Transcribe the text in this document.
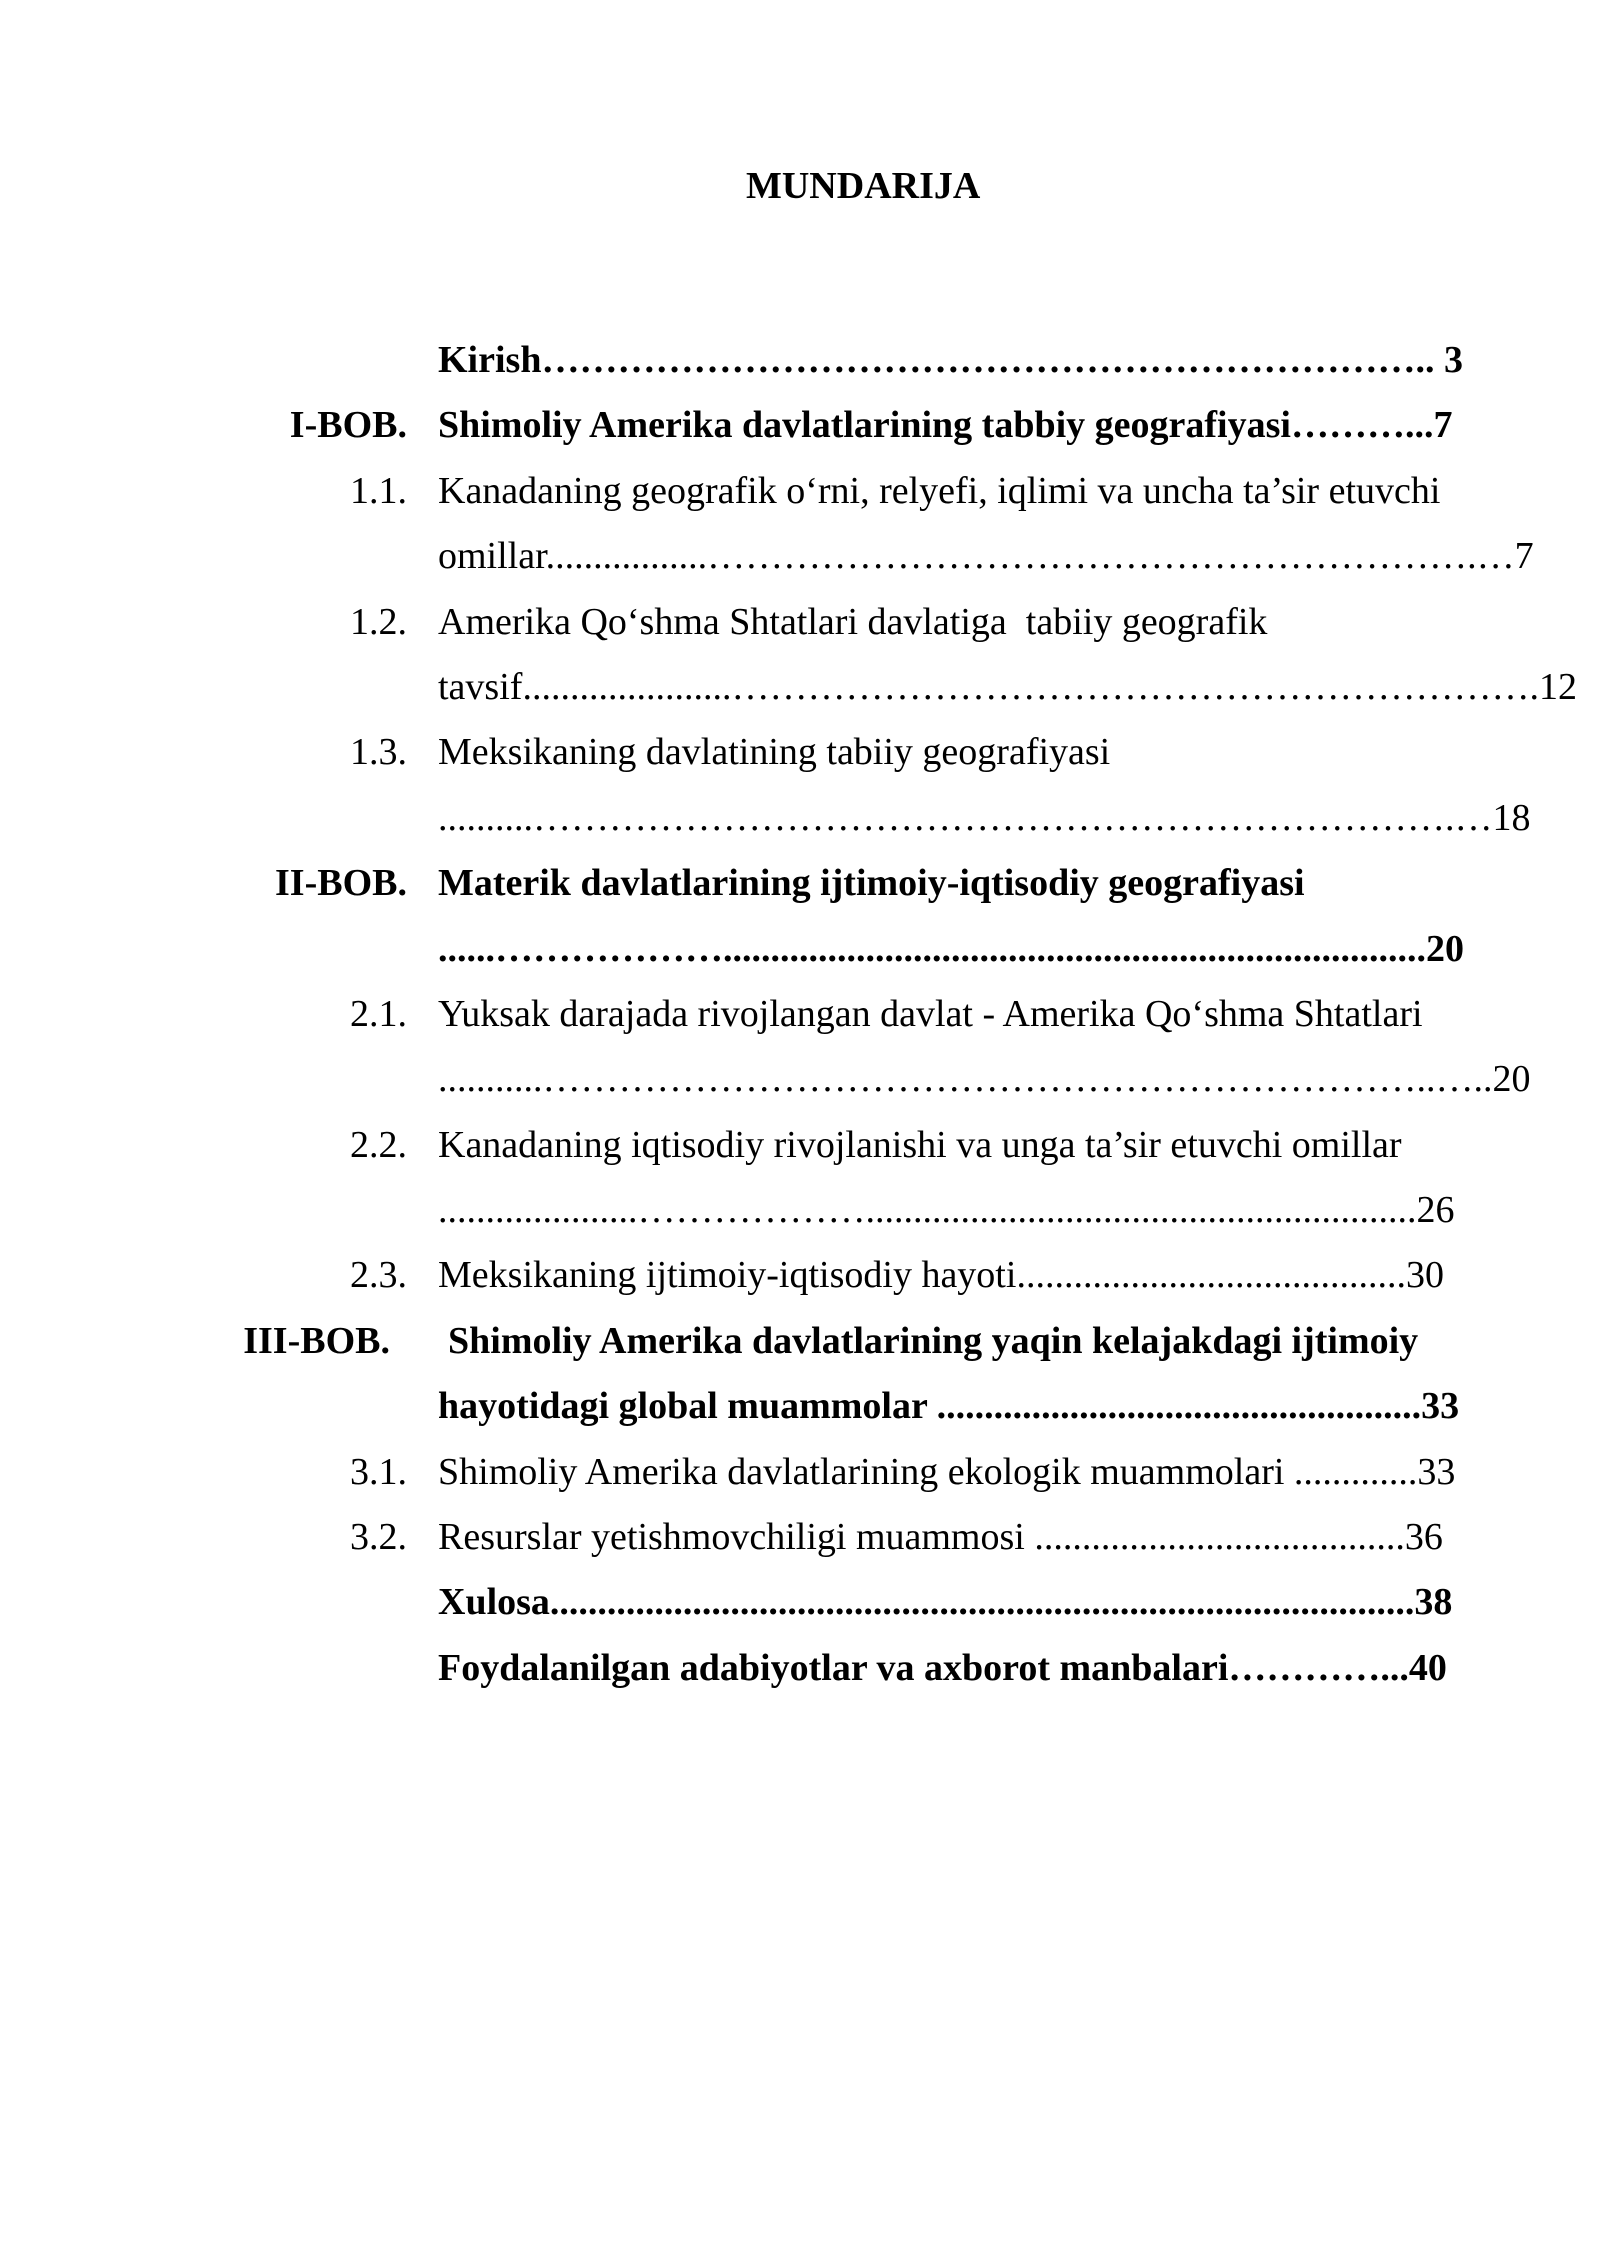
MUNDARIJA
Kirish…………………………………………………………….. 3
I-BOB. Shimoliy Amerika davlatlarining tabbiy geografiyasi………...7
1.1. Kanadaning geografik o‘rni, relyefi, iqlimi va uncha ta’sir etuvchi
omillar.................…………………………………………………….…7
1.2. Amerika Qo‘shma Shtatlari davlatiga  tabiiy geografik
tavsif......................……………………………………………………….12
1.3. Meksikaning davlatining tabiiy geografiyasi
..........……………………………………………………………….…18
II-BOB. Materik davlatlarining ijtimoiy-iqtisodiy geografiyasi
......………………..........................................................................20
2.1. Yuksak darajada rivojlangan davlat - Amerika Qo‘shma Shtatlari
...........……………………………………………………………..…..20
2.2. Kanadaning iqtisodiy rivojlanishi va unga ta’sir etuvchi omillar
.....................………………..........................................................26
2.3. Meksikaning ijtimoiy-iqtisodiy hayoti.........................................30
III-BOB. Shimoliy Amerika davlatlarining yaqin kelajakdagi ijtimoiy
hayotidagi global muammolar ...................................................33
3.1. Shimoliy Amerika davlatlarining ekologik muammolari .............33
3.2. Resurslar yetishmovchiligi muammosi .......................................36
Xulosa...........................................................................................38
Foydalanilgan adabiyotlar va axborot manbalari…………...40
